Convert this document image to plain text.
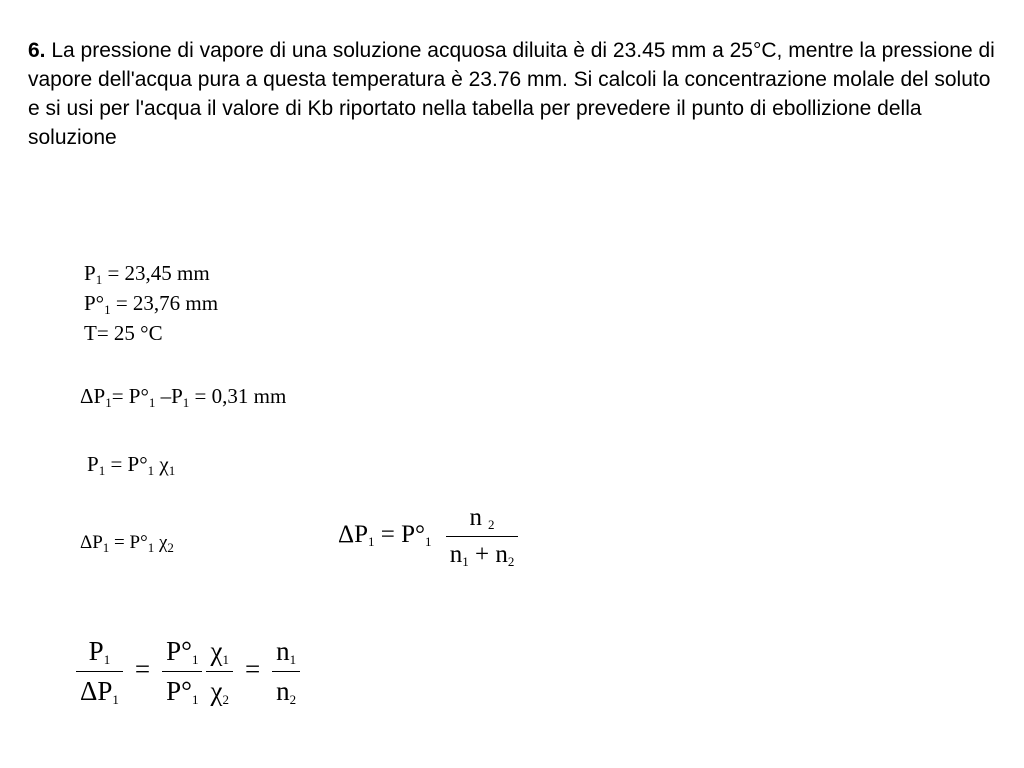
6. La pressione di vapore di una soluzione acquosa diluita è di 23.45 mm a 25°C, mentre la pressione di vapore dell'acqua pura a questa temperatura è 23.76 mm. Si calcoli la concentrazione molale del soluto e si usi per l'acqua il valore di Kb riportato nella tabella per prevedere il punto di ebollizione della soluzione

$P_1 = 23,45$ mm
$P^\circ_1 = 23,76$ mm
T= 25 °C
$\Delta P_1= P^\circ_1$ $-P_1 = 0,31$ mm
$P_1 = P^\circ_1$ $\chi_1$
$\Delta P_1 = P^\circ_1$ $\chi_2$	$\Delta P_1 = P^\circ_1 \frac{n _2}{n_1 + n_2}$
$\frac{P_1}{\Delta P_1} = \frac{P^\circ_1}{P^\circ_1} \frac{\chi_1}{\chi_2} = \frac{n_1}{n_2}$
